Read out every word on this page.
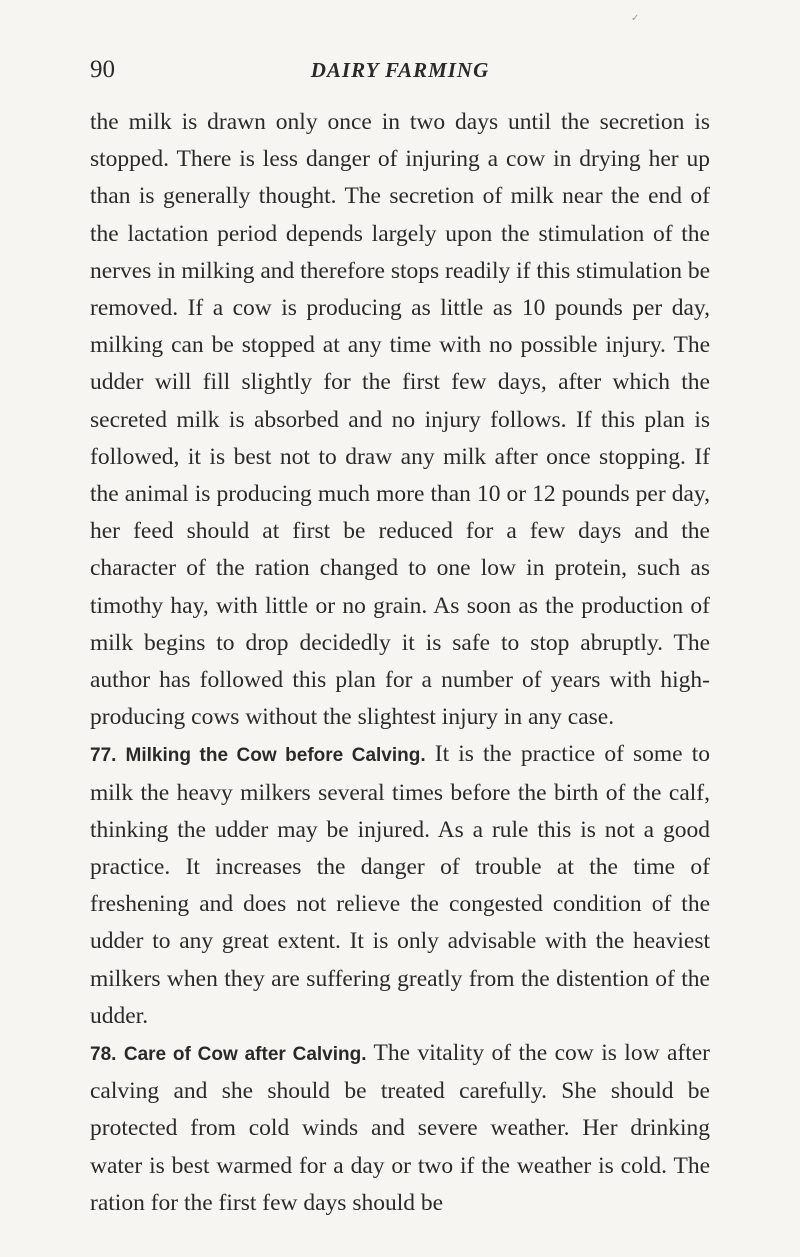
✓
90	DAIRY FARMING

the milk is drawn only once in two days until the secretion is stopped. There is less danger of injuring a cow in drying her up than is generally thought. The secretion of milk near the end of the lactation period depends largely upon the stimulation of the nerves in milking and therefore stops readily if this stimulation be removed. If a cow is producing as little as 10 pounds per day, milking can be stopped at any time with no possible injury. The udder will fill slightly for the first few days, after which the secreted milk is absorbed and no injury follows. If this plan is followed, it is best not to draw any milk after once stopping. If the animal is producing much more than 10 or 12 pounds per day, her feed should at first be reduced for a few days and the character of the ration changed to one low in protein, such as timothy hay, with little or no grain. As soon as the production of milk begins to drop decidedly it is safe to stop abruptly. The author has followed this plan for a number of years with high-producing cows without the slightest injury in any case.

77. Milking the Cow before Calving. It is the practice of some to milk the heavy milkers several times before the birth of the calf, thinking the udder may be injured. As a rule this is not a good practice. It increases the danger of trouble at the time of freshening and does not relieve the congested condition of the udder to any great extent. It is only advisable with the heaviest milkers when they are suffering greatly from the distention of the udder.

78. Care of Cow after Calving. The vitality of the cow is low after calving and she should be treated carefully. She should be protected from cold winds and severe weather. Her drinking water is best warmed for a day or two if the weather is cold. The ration for the first few days should be
